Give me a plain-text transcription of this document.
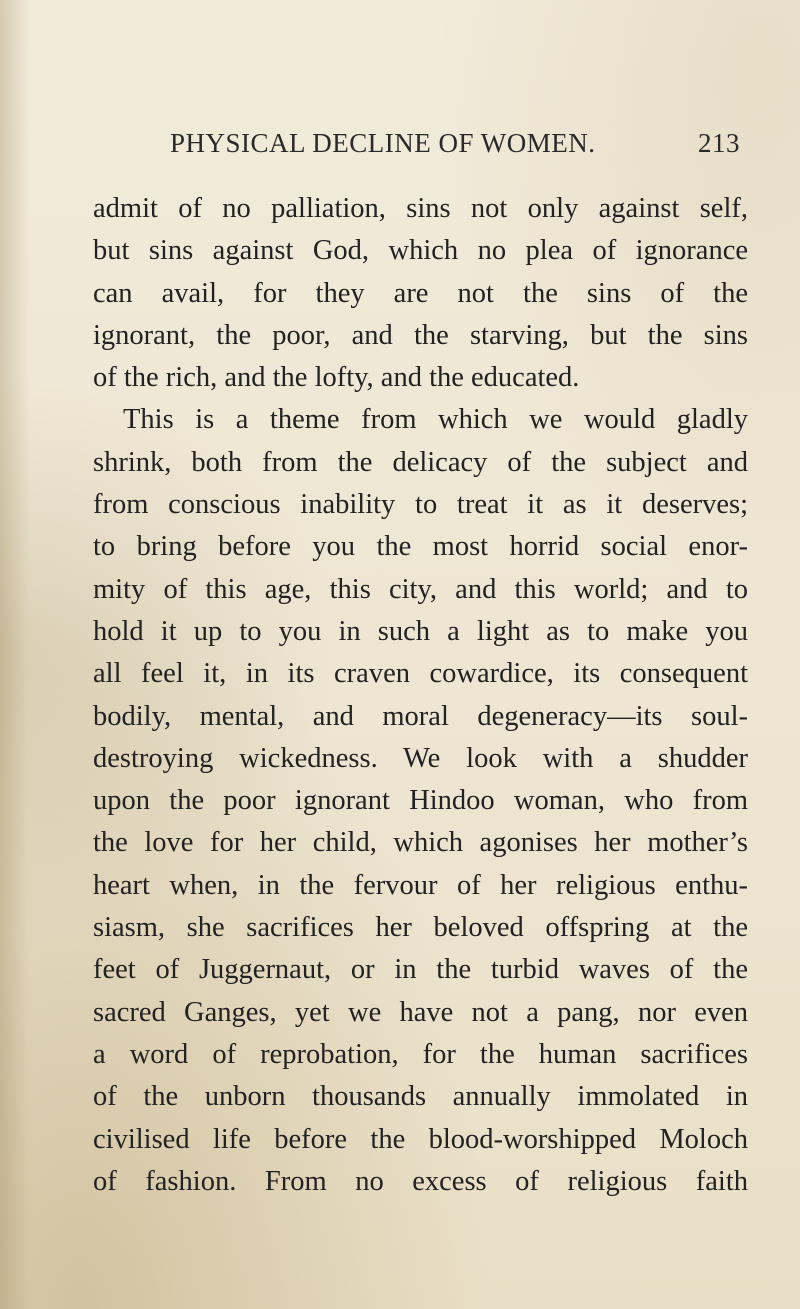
PHYSICAL DECLINE OF WOMEN.	213
admit of no palliation, sins not only against self,
but sins against God, which no plea of ignorance
can avail, for they are not the sins of the
ignorant, the poor, and the starving, but the sins
of the rich, and the lofty, and the educated.
This is a theme from which we would gladly
shrink, both from the delicacy of the subject and
from conscious inability to treat it as it deserves;
to bring before you the most horrid social enor-
mity of this age, this city, and this world; and to
hold it up to you in such a light as to make you
all feel it, in its craven cowardice, its consequent
bodily, mental, and moral degeneracy—its soul-
destroying wickedness. We look with a shudder
upon the poor ignorant Hindoo woman, who from
the love for her child, which agonises her mother’s
heart when, in the fervour of her religious enthu-
siasm, she sacrifices her beloved offspring at the
feet of Juggernaut, or in the turbid waves of the
sacred Ganges, yet we have not a pang, nor even
a word of reprobation, for the human sacrifices
of the unborn thousands annually immolated in
civilised life before the blood-worshipped Moloch
of fashion. From no excess of religious faith
